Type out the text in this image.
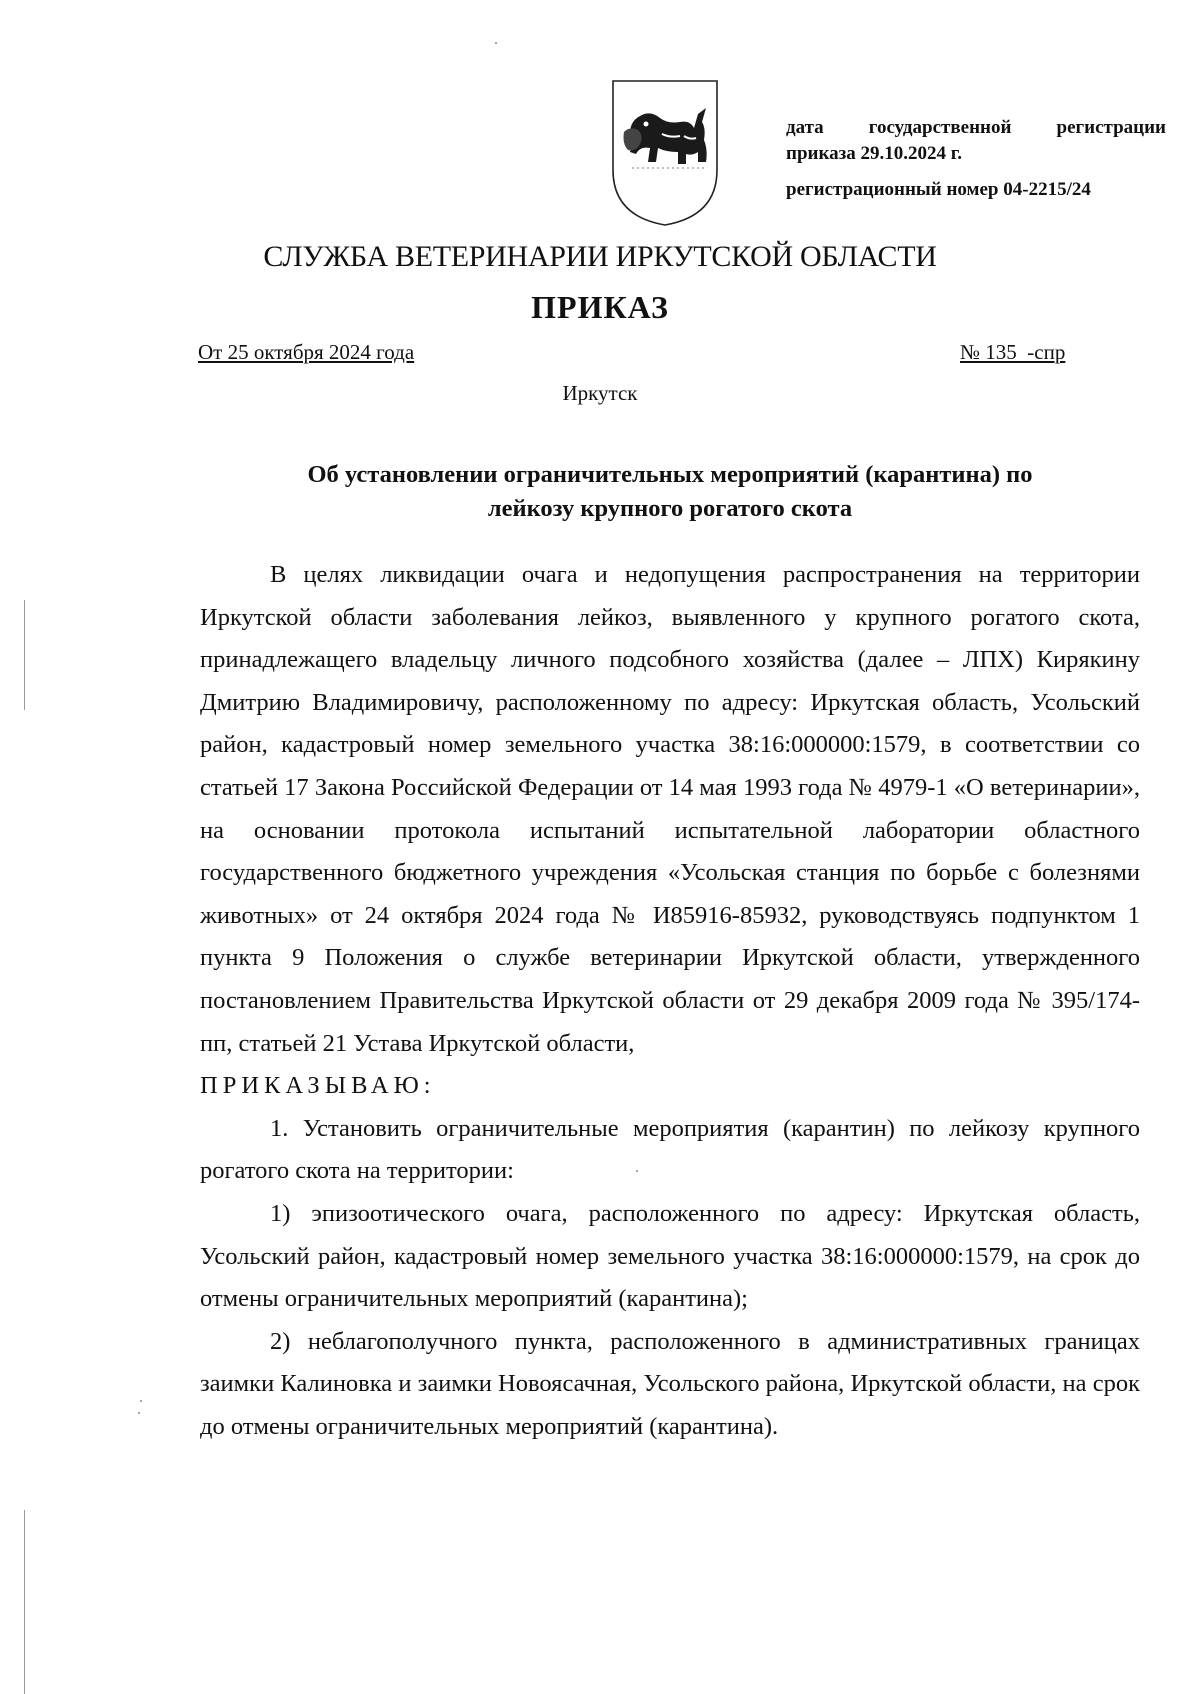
дата государственной регистрации
приказа 29.10.2024 г.
регистрационный номер 04-2215/24
СЛУЖБА ВЕТЕРИНАРИИ ИРКУТСКОЙ ОБЛАСТИ
ПРИКАЗ
От 25 октября 2024 года	№ 135  -спр
Иркутск
Об установлении ограничительных мероприятий (карантина) по
лейкозу крупного рогатого скота

В целях ликвидации очага и недопущения распространения на территории Иркутской области заболевания лейкоз, выявленного у крупного рогатого скота, принадлежащего владельцу личного подсобного хозяйства (далее – ЛПХ) Кирякину Дмитрию Владимировичу, расположенному по адресу: Иркутская область, Усольский район, кадастровый номер земельного участка 38:16:000000:1579, в соответствии со статьей 17 Закона Российской Федерации от 14 мая 1993 года № 4979-1 «О ветеринарии», на основании протокола испытаний испытательной лаборатории областного государственного бюджетного учреждения «Усольская станция по борьбе с болезнями животных» от 24 октября 2024 года № И85916-85932, руководствуясь подпунктом 1 пункта 9 Положения о службе ветеринарии Иркутской области, утвержденного постановлением Правительства Иркутской области от 29 декабря 2009 года № 395/174-пп, статьей 21 Устава Иркутской области,

ПРИКАЗЫВАЮ:

1. Установить ограничительные мероприятия (карантин) по лейкозу крупного рогатого скота на территории:

1) эпизоотического очага, расположенного по адресу: Иркутская область, Усольский район, кадастровый номер земельного участка 38:16:000000:1579, на срок до отмены ограничительных мероприятий (карантина);

2) неблагополучного пункта, расположенного в административных границах заимки Калиновка и заимки Новоясачная, Усольского района, Иркутской области, на срок до отмены ограничительных мероприятий (карантина).
